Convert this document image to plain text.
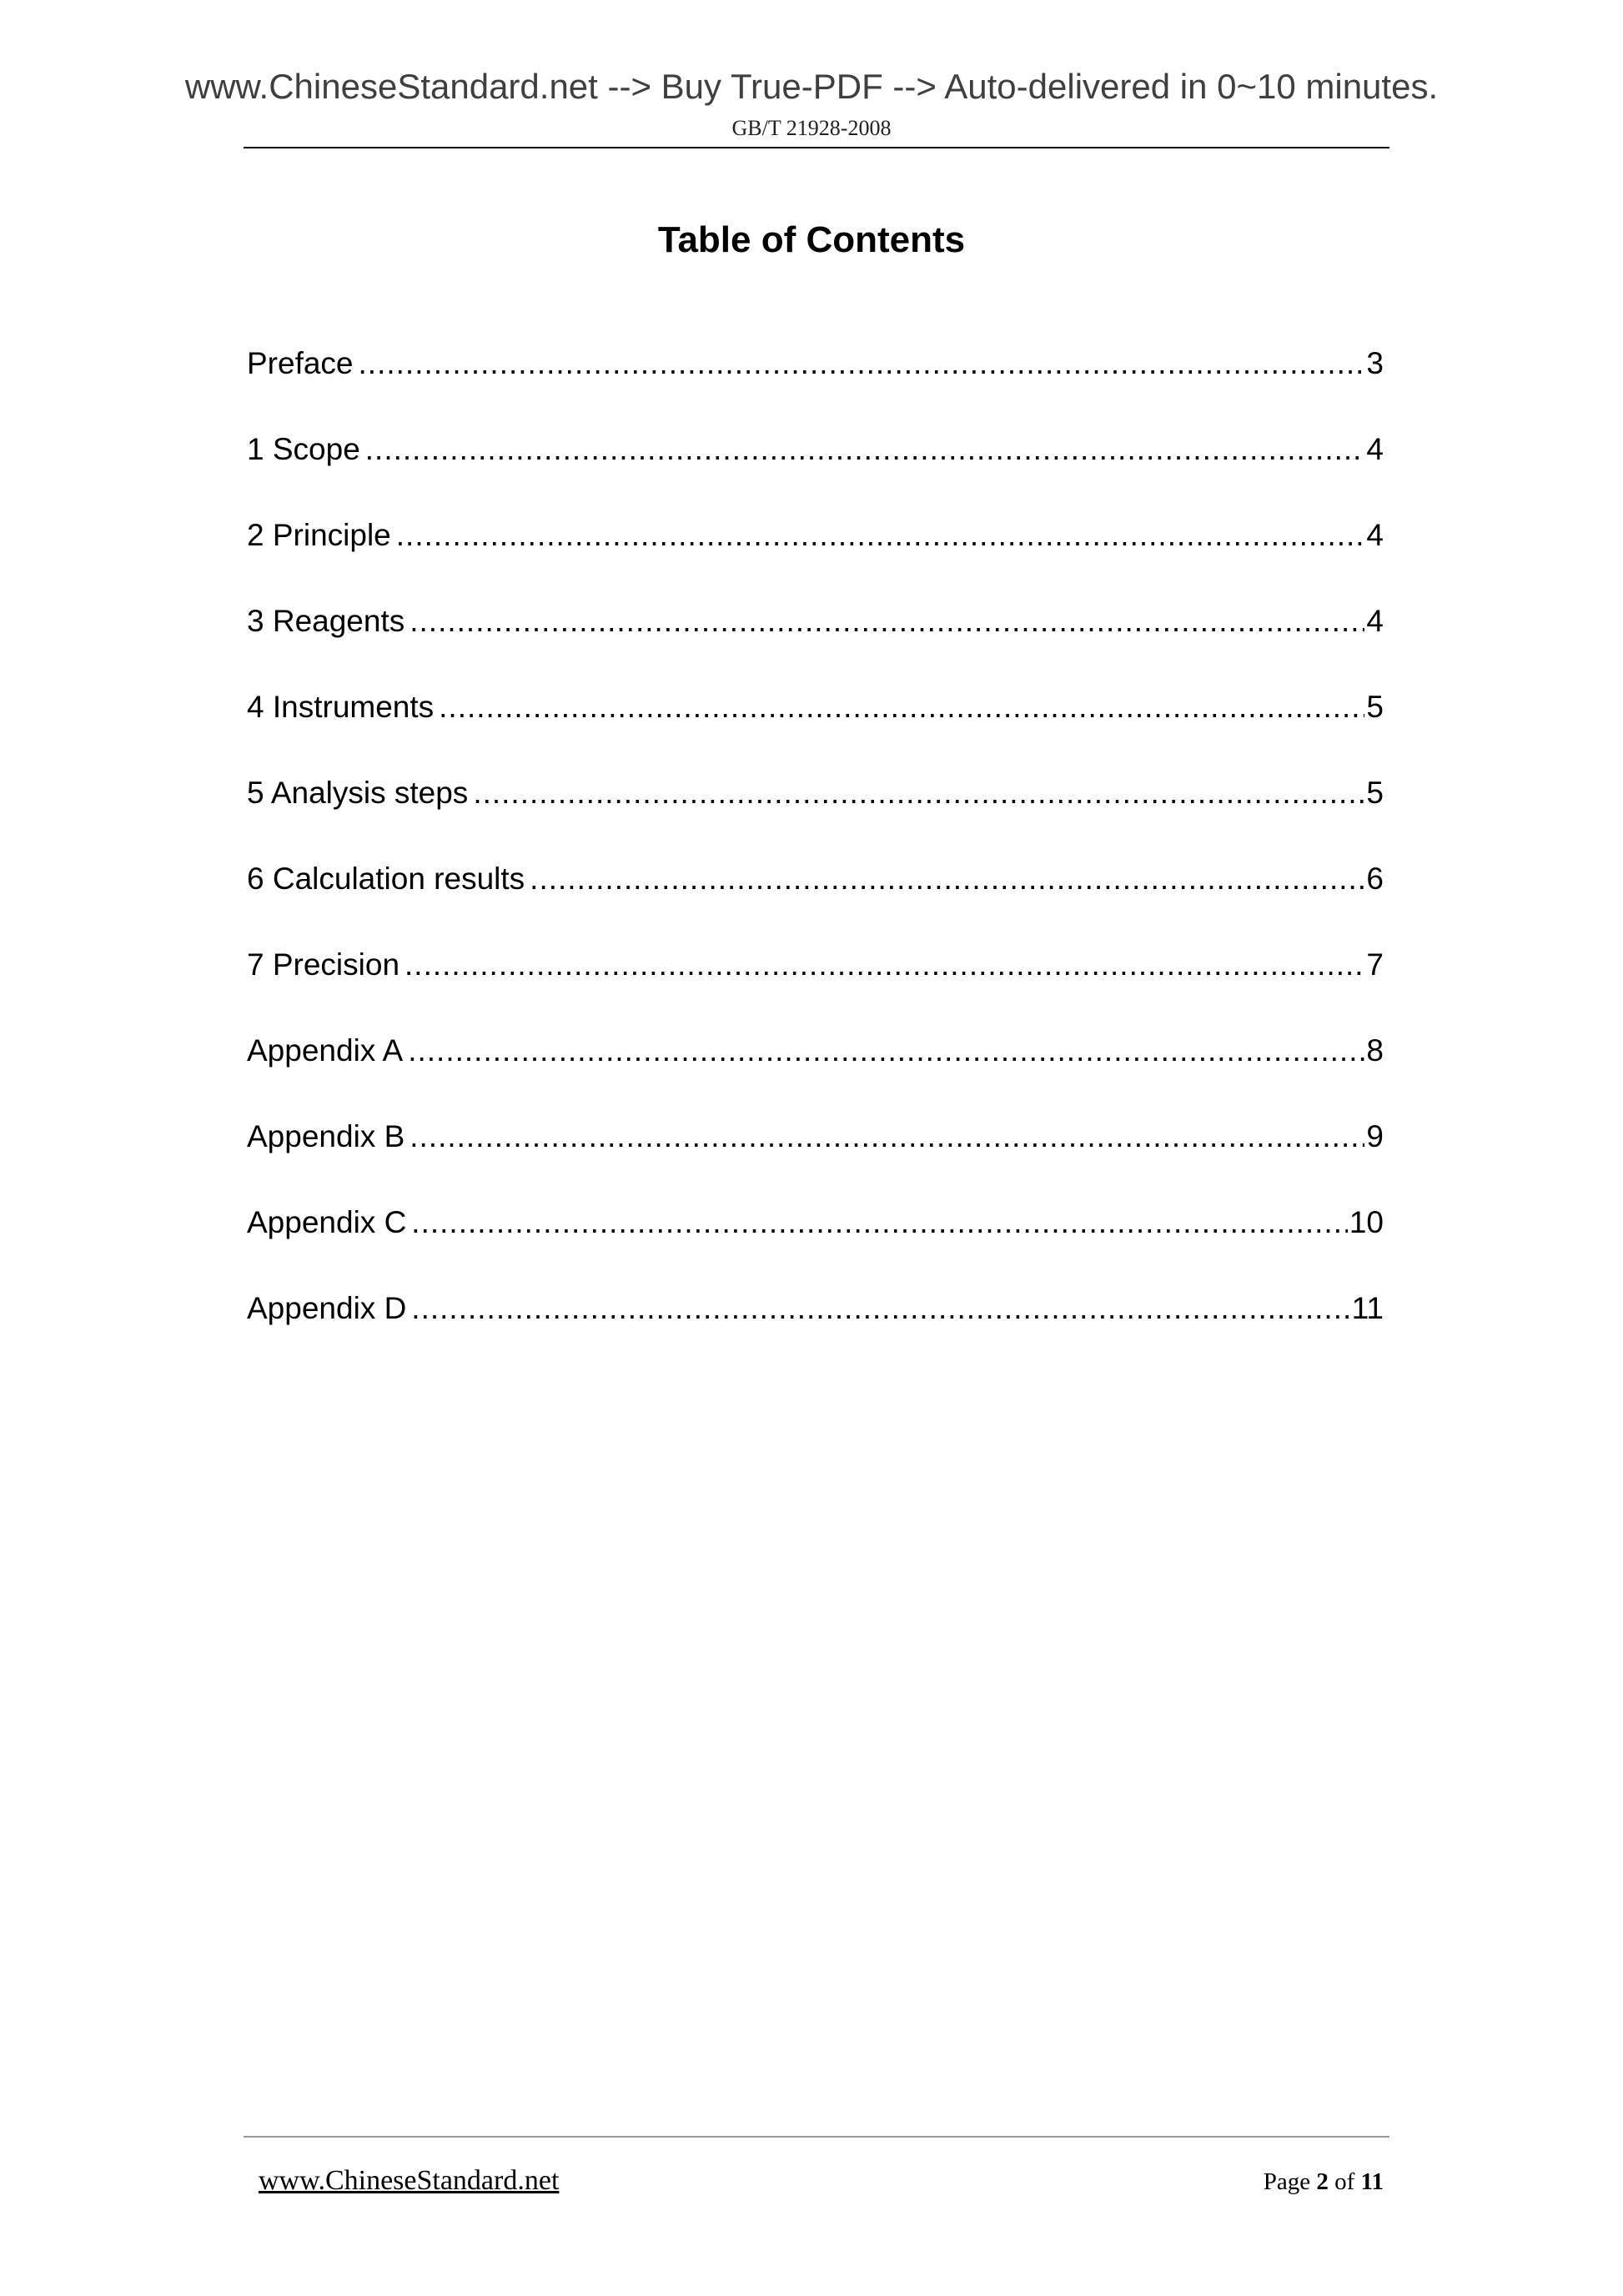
www.ChineseStandard.net --> Buy True-PDF --> Auto-delivered in 0~10 minutes.
GB/T 21928-2008
Table of Contents
Preface .....	3
1 Scope .....	4
2 Principle .....	4
3 Reagents .....	4
4 Instruments .....	5
5 Analysis steps .....	5
6 Calculation results .....	6
7 Precision .....	7
Appendix A .....	8
Appendix B .....	9
Appendix C .....	10
Appendix D .....	11
www.ChineseStandard.net	Page 2 of 11
